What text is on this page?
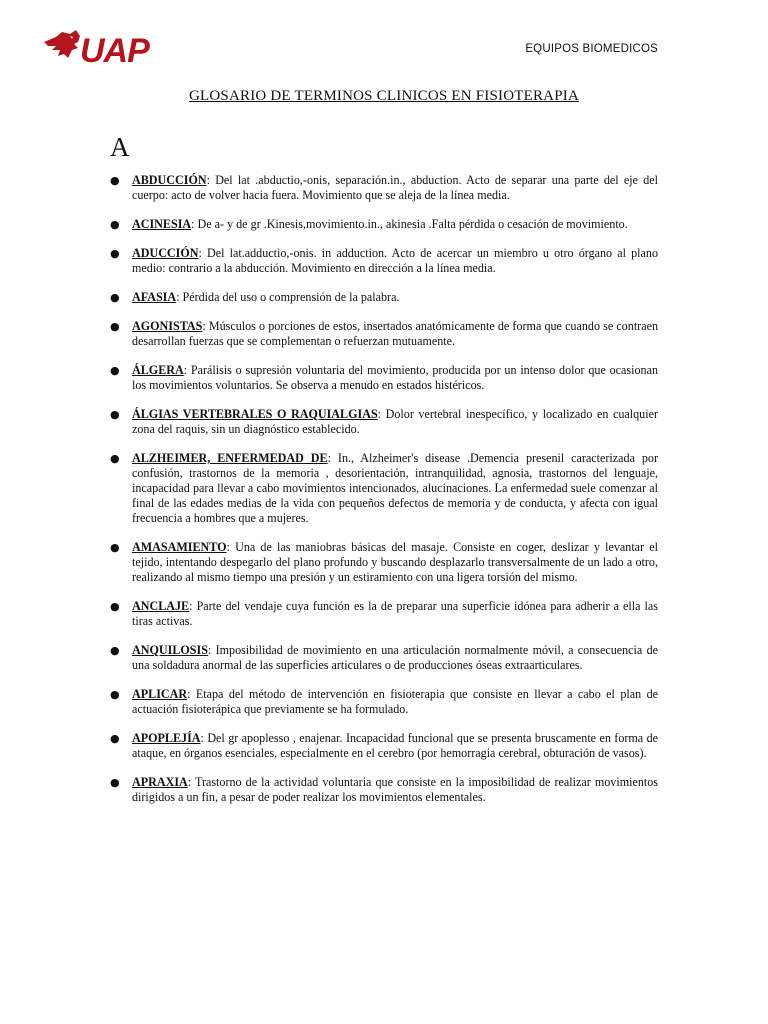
UAP	EQUIPOS BIOMEDICOS
GLOSARIO DE TERMINOS CLINICOS EN FISIOTERAPIA
A
● ABDUCCIÓN: Del lat .abductio,-onis, separación.in., abduction. Acto de separar una parte del eje del cuerpo: acto de volver hacia fuera. Movimiento que se aleja de la línea media.
● ACINESIA: De a- y de gr .Kinesis,movimiento.in., akinesia .Falta pérdida o cesación de movimiento.
● ADUCCIÓN: Del lat.adductio,-onis. in adduction. Acto de acercar un miembro u otro órgano al plano medio: contrario a la abducción. Movimiento en dirección a la línea media.
● AFASIA: Pérdida del uso o comprensión de la palabra.
● AGONISTAS: Músculos o porciones de estos, insertados anatómicamente de forma que cuando se contraen desarrollan fuerzas que se complementan o refuerzan mutuamente.
● ÁLGERA: Parálisis o supresión voluntaria del movimiento, producida por un intenso dolor que ocasionan los movimientos voluntarios. Se observa a menudo en estados histéricos.
● ÁLGIAS VERTEBRALES O RAQUIALGIAS: Dolor vertebral inespecífico, y localizado en cualquier zona del raquis, sin un diagnóstico establecido.
● ALZHEIMER, ENFERMEDAD DE: In., Alzheimer's disease .Demencia presenil caracterizada por confusión, trastornos de la memoria , desorientación, intranquilidad, agnosia, trastornos del lenguaje, incapacidad para llevar a cabo movimientos intencionados, alucinaciones. La enfermedad suele comenzar al final de las edades medias de la vida con pequeños defectos de memoria y de conducta, y afecta con igual frecuencia a hombres que a mujeres.
● AMASAMIENTO: Una de las maniobras básicas del masaje. Consiste en coger, deslizar y levantar el tejido, intentando despegarlo del plano profundo y buscando desplazarlo transversalmente de un lado a otro, realizando al mismo tiempo una presión y un estiramiento con una ligera torsión del mismo.
● ANCLAJE: Parte del vendaje cuya función es la de preparar una superficie idónea para adherir a ella las tiras activas.
● ANQUILOSIS: Imposibilidad de movimiento en una articulación normalmente móvil, a consecuencia de una soldadura anormal de las superficies articulares o de producciones óseas extraarticulares.
● APLICAR: Etapa del método de intervención en fisioterapia que consiste en llevar a cabo el plan de actuación fisioterápica que previamente se ha formulado.
● APOPLEJÍA: Del gr apoplesso , enajenar. Incapacidad funcional que se presenta bruscamente en forma de ataque, en órganos esenciales, especialmente en el cerebro (por hemorragia cerebral, obturación de vasos).
● APRAXIA: Trastorno de la actividad voluntaria que consiste en la imposibilidad de realizar movimientos dirigidos a un fin, a pesar de poder realizar los movimientos elementales.
